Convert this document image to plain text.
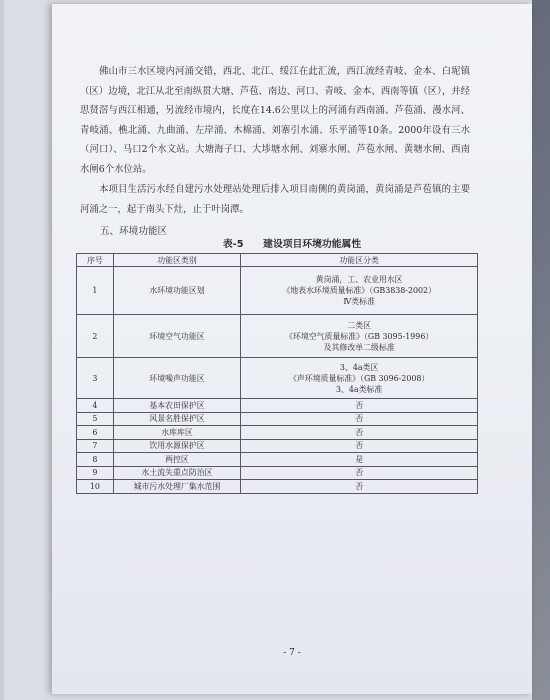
佛山市三水区境内河涌交错，西北、北江、绥江在此汇流，西江流经青岐、金本、白坭镇（区）边境，北江从北至南纵贯大塘、芦苞、南边、河口、青岐、金本、西南等镇（区），并经思贤滘与西江相通，另流经市境内，长度在14.6公里以上的河涌有西南涌、芦苞涌、漫水河、青岐涌、樵北涌、九曲涌、左岸涌、木棉涌、刘寨引水涌、乐平涌等10条。2000年设有三水（河口）、马口2个水文站。大塘海子口、大埗塘水闸、刘寨水闸、芦苞水闸、黄塘水闸、西南水闸6个水位站。

本项目生活污水经自建污水处理站处理后排入项目南侧的黄岗涌，黄岗涌是芦苞镇的主要河涌之一，起于南头下灶，止于叶岗潭。

五、环境功能区

表-5　　建设项目环境功能属性
序号	功能区类别	功能区分类
1	水环境功能区划	黄岗涌，工、农业用水区
《地表水环境质量标准》（GB3838-2002）
Ⅳ类标准

2	环境空气功能区	二类区
《环境空气质量标准》（GB 3095-1996）
及其修改单二级标准

3	环境噪声功能区	3、4a类区
《声环境质量标准》（GB 3096-2008）
3、4a类标准

4	基本农田保护区	否

5	风景名胜保护区	否

6	水库库区	否

7	饮用水源保护区	否

8	两控区	是

9	水土流失重点防治区	否

10	城市污水处理厂集水范围	否
- 7 -
